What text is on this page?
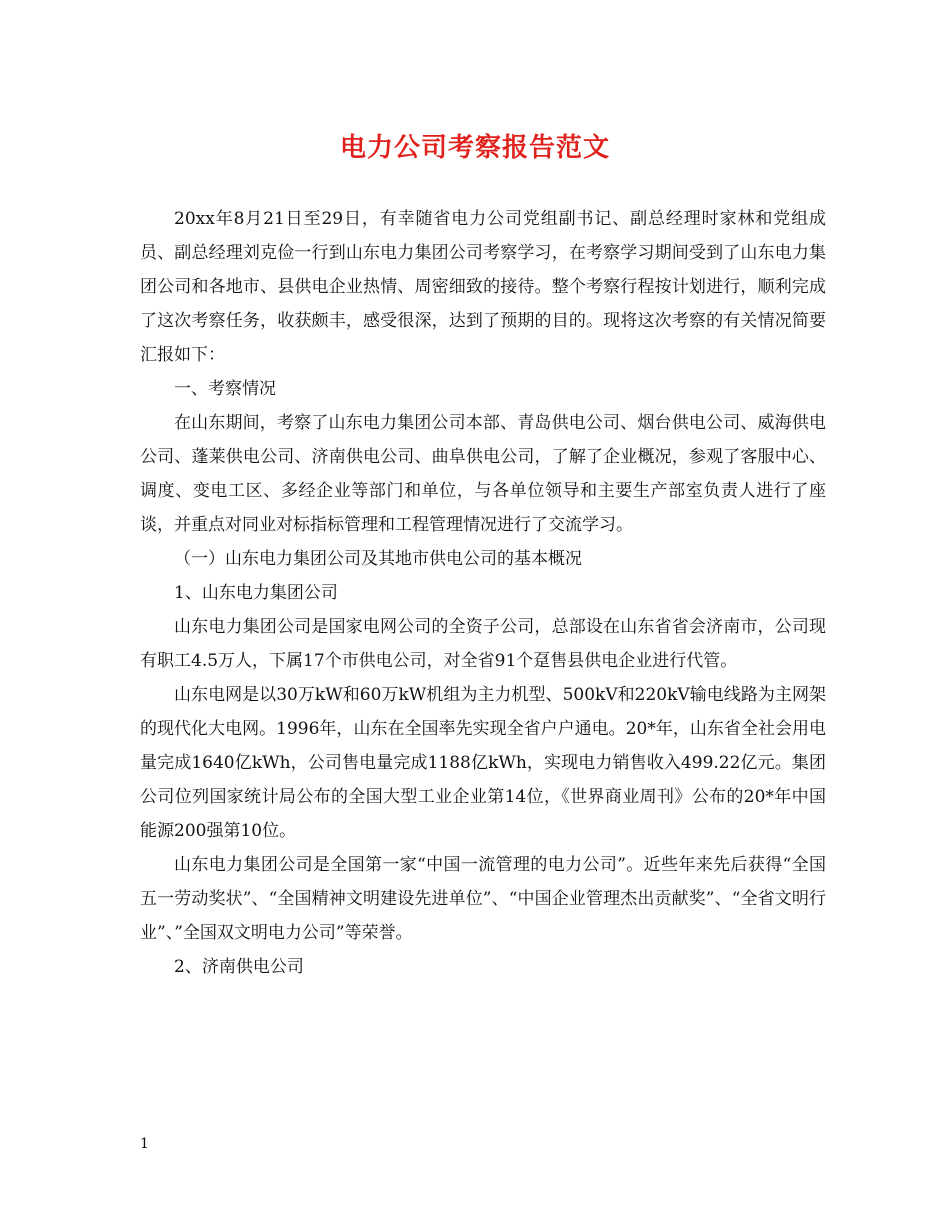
电力公司考察报告范文

20xx年8月21日至29日，有幸随省电力公司党组副书记、副总经理时家林和党组成员、副总经理刘克俭一行到山东电力集团公司考察学习，在考察学习期间受到了山东电力集团公司和各地市、县供电企业热情、周密细致的接待。整个考察行程按计划进行，顺利完成了这次考察任务，收获颇丰，感受很深，达到了预期的目的。现将这次考察的有关情况简要汇报如下：

一、考察情况

在山东期间，考察了山东电力集团公司本部、青岛供电公司、烟台供电公司、威海供电公司、蓬莱供电公司、济南供电公司、曲阜供电公司，了解了企业概况，参观了客服中心、调度、变电工区、多经企业等部门和单位，与各单位领导和主要生产部室负责人进行了座谈，并重点对同业对标指标管理和工程管理情况进行了交流学习。

（一）山东电力集团公司及其地市供电公司的基本概况

1、山东电力集团公司

山东电力集团公司是国家电网公司的全资子公司，总部设在山东省省会济南市，公司现有职工4.5万人，下属17个市供电公司，对全省91个趸售县供电企业进行代管。

山东电网是以30万kW和60万kW机组为主力机型、500kV和220kV输电线路为主网架的现代化大电网。1996年，山东在全国率先实现全省户户通电。20*年，山东省全社会用电量完成1640亿kWh，公司售电量完成1188亿kWh，实现电力销售收入499.22亿元。集团公司位列国家统计局公布的全国大型工业企业第14位，《世界商业周刊》公布的20*年中国能源200强第10位。

山东电力集团公司是全国第一家“中国一流管理的电力公司”。近些年来先后获得“全国五一劳动奖状”、“全国精神文明建设先进单位”、“中国企业管理杰出贡献奖”、“全省文明行业”、”全国双文明电力公司”等荣誉。

2、济南供电公司

1
